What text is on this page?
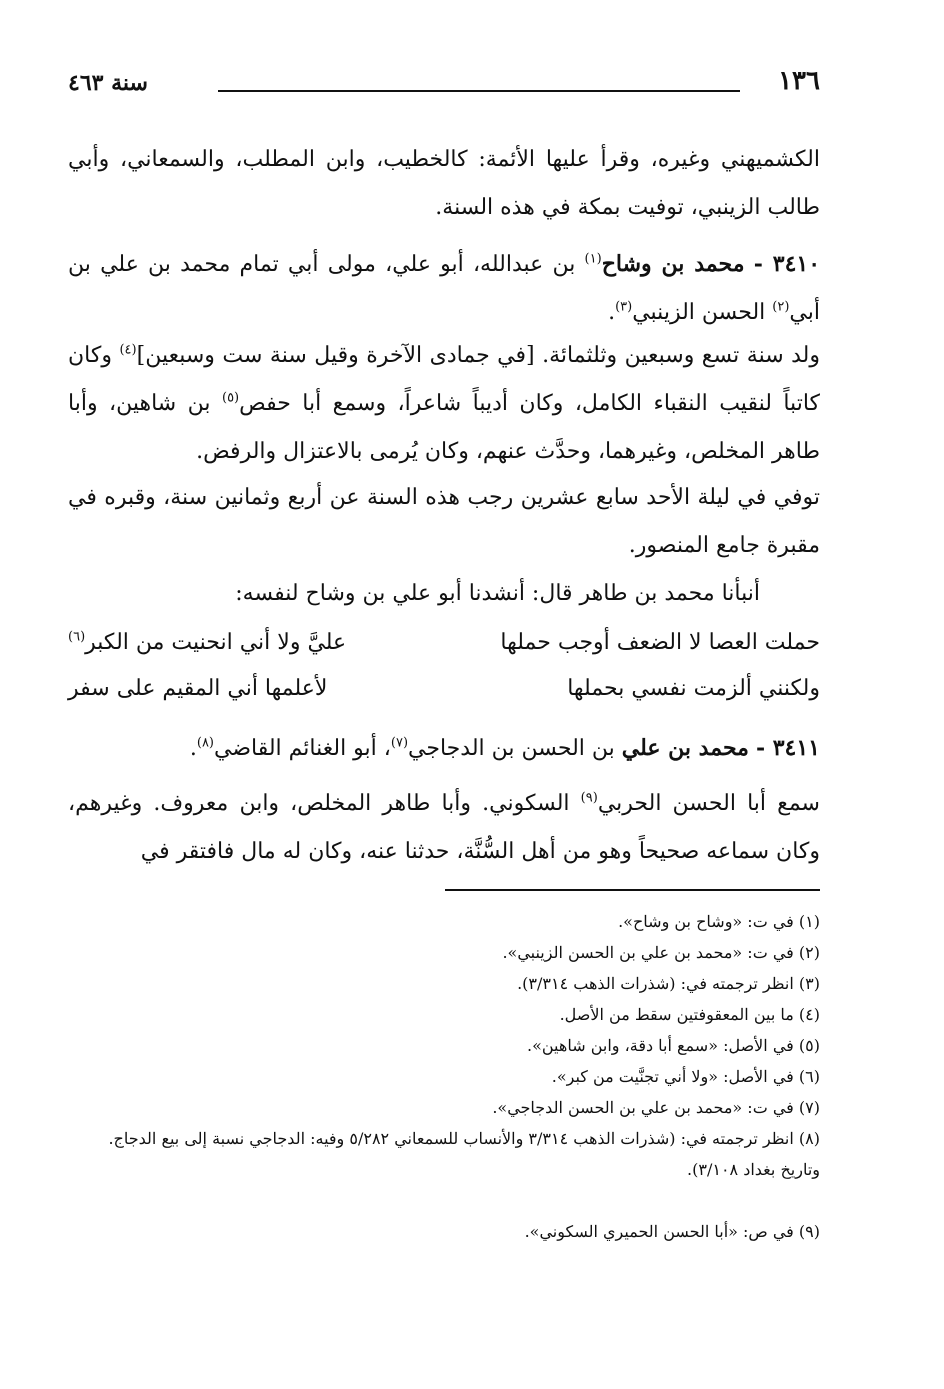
١٣٦
سنة ٤٦٣
الكشميهني وغيره، وقرأ عليها الأئمة: كالخطيب، وابن المطلب، والسمعاني، وأبي طالب الزينبي، توفيت بمكة في هذه السنة.
٣٤١٠ - محمد بن وشاح$^{(١)}$ بن عبدالله، أبو علي، مولى أبي تمام محمد بن علي بن أبي$^{(٢)}$ الحسن الزينبي$^{(٣)}$.
ولد سنة تسع وسبعين وثلثمائة. [في جمادى الآخرة وقيل سنة ست وسبعين]$^{(٤)}$ وكان كاتباً لنقيب النقباء الكامل، وكان أديباً شاعراً، وسمع أبا حفص$^{(٥)}$ بن شاهين، وأبا طاهر المخلص، وغيرهما، وحدَّث عنهم، وكان يُرمى بالاعتزال والرفض.
توفي في ليلة الأحد سابع عشرين رجب هذه السنة عن أربع وثمانين سنة، وقبره في مقبرة جامع المنصور.
أنبأنا محمد بن طاهر قال: أنشدنا أبو علي بن وشاح لنفسه:
حملت العصا لا الضعف أوجب حملها
عليَّ ولا أني انحنيت من الكبر$^{(٦)}$
ولكنني ألزمت نفسي بحملها
لأعلمها أني المقيم على سفر
٣٤١١ - محمد بن علي بن الحسن بن الدجاجي$^{(٧)}$، أبو الغنائم القاضي$^{(٨)}$.
سمع أبا الحسن الحربي$^{(٩)}$ السكوني. وأبا طاهر المخلص، وابن معروف. وغيرهم، وكان سماعه صحيحاً وهو من أهل السُّنَّة، حدثنا عنه، وكان له مال فافتقر في
(١) في ت: «وشاح بن وشاح».
(٢) في ت: «محمد بن علي بن الحسن الزينبي».
(٣) انظر ترجمته في: (شذرات الذهب ٣/٣١٤).
(٤) ما بين المعقوفتين سقط من الأصل.
(٥) في الأصل: «سمع أبا دقة، وابن شاهين».
(٦) في الأصل: «ولا أني تجنَّيت من كبر».
(٧) في ت: «محمد بن علي بن الحسن الدجاجي».
(٨) انظر ترجمته في: (شذرات الذهب ٣/٣١٤ والأنساب للسمعاني ٥/٢٨٢ وفيه: الدجاجي نسبة إلى بيع الدجاج. وتاريخ بغداد ٣/١٠٨).
(٩) في ص: «أبا الحسن الحميري السكوني».
